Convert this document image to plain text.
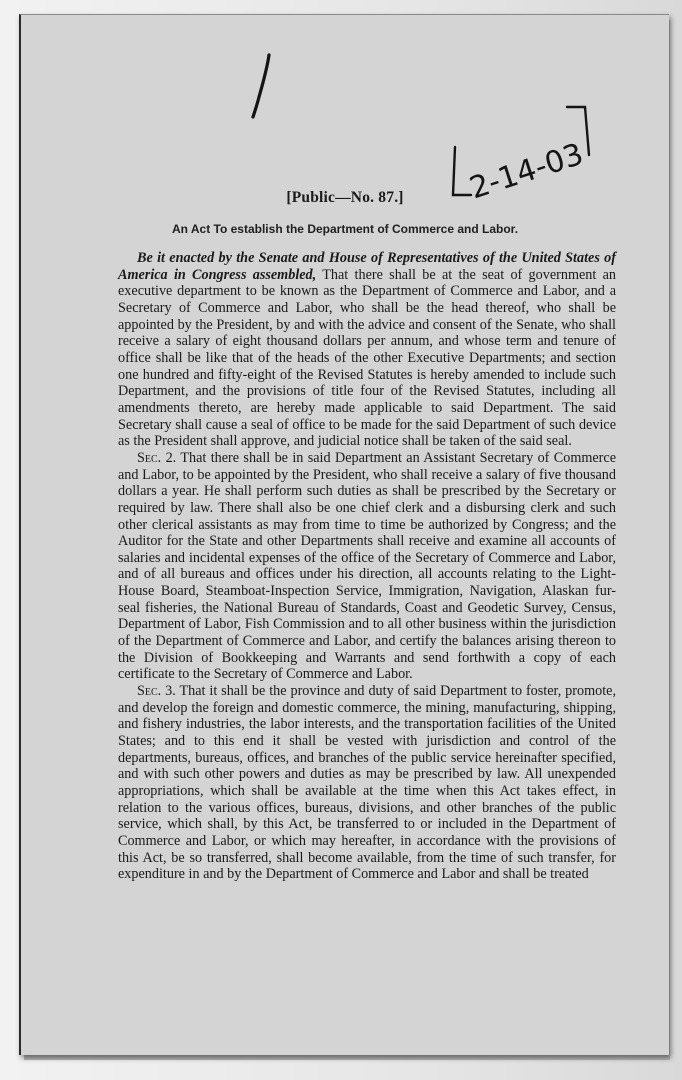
/
2-14-03
[Public—No. 87.]
An Act To establish the Department of Commerce and Labor.

Be it enacted by the Senate and House of Representatives of the United States of America in Congress assembled, That there shall be at the seat of government an executive department to be known as the Department of Commerce and Labor, and a Secretary of Commerce and Labor, who shall be the head thereof, who shall be appointed by the President, by and with the advice and consent of the Senate, who shall receive a salary of eight thousand dollars per annum, and whose term and tenure of office shall be like that of the heads of the other Executive Departments; and section one hundred and fifty-eight of the Revised Statutes is hereby amended to include such Department, and the provisions of title four of the Revised Statutes, including all amendments thereto, are hereby made applicable to said Department. The said Secretary shall cause a seal of office to be made for the said Department of such device as the President shall approve, and judicial notice shall be taken of the said seal.

Sec. 2. That there shall be in said Department an Assistant Secretary of Commerce and Labor, to be appointed by the President, who shall receive a salary of five thousand dollars a year. He shall perform such duties as shall be prescribed by the Secretary or required by law. There shall also be one chief clerk and a disbursing clerk and such other clerical assistants as may from time to time be authorized by Congress; and the Auditor for the State and other Departments shall receive and examine all accounts of salaries and incidental expenses of the office of the Secretary of Commerce and Labor, and of all bureaus and offices under his direction, all accounts relating to the Light-House Board, Steamboat-Inspection Service, Immigration, Navigation, Alaskan fur-seal fisheries, the National Bureau of Standards, Coast and Geodetic Survey, Census, Department of Labor, Fish Commission and to all other business within the jurisdiction of the Department of Commerce and Labor, and certify the balances arising thereon to the Division of Bookkeeping and Warrants and send forthwith a copy of each certificate to the Secretary of Commerce and Labor.

Sec. 3. That it shall be the province and duty of said Department to foster, promote, and develop the foreign and domestic commerce, the mining, manufacturing, shipping, and fishery industries, the labor interests, and the transportation facilities of the United States; and to this end it shall be vested with jurisdiction and control of the departments, bureaus, offices, and branches of the public service hereinafter specified, and with such other powers and duties as may be prescribed by law. All unexpended appropriations, which shall be available at the time when this Act takes effect, in relation to the various offices, bureaus, divisions, and other branches of the public service, which shall, by this Act, be transferred to or included in the Department of Commerce and Labor, or which may hereafter, in accordance with the provisions of this Act, be so transferred, shall become available, from the time of such transfer, for expenditure in and by the Department of Commerce and Labor and shall be treated
